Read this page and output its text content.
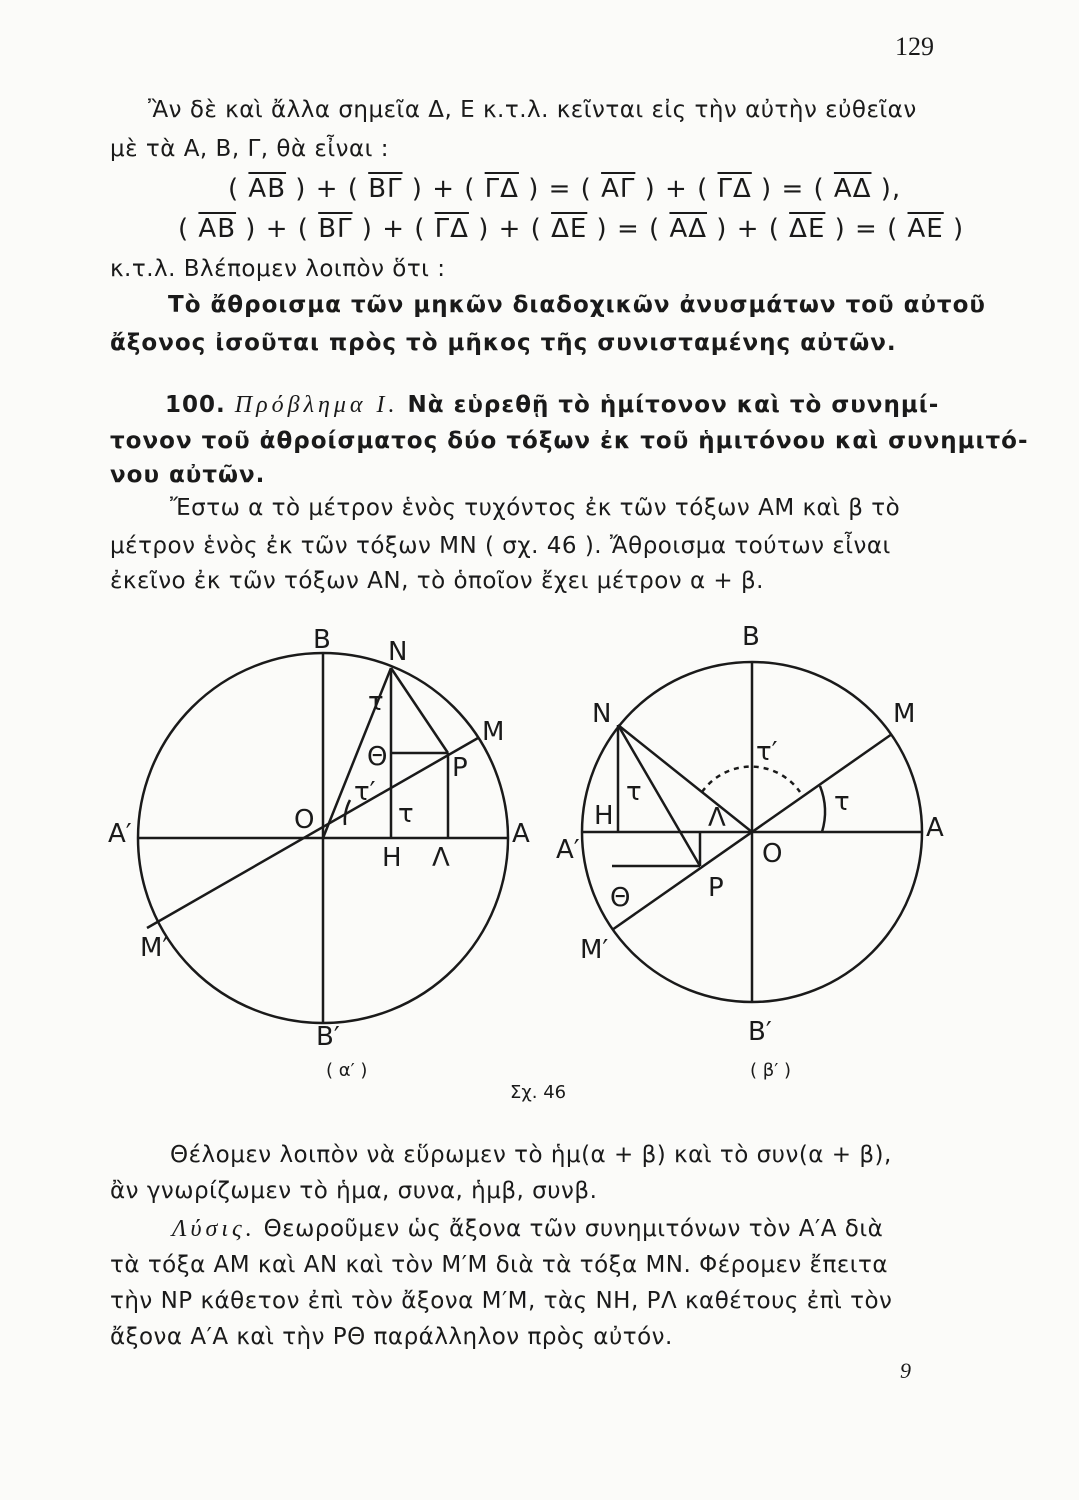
129
Ἂν δὲ καὶ ἄλλα σημεῖα Δ, Ε κ.τ.λ. κεῖνται εἰς τὴν αὐτὴν εὐθεῖαν
μὲ τὰ Α, Β, Γ, θὰ εἶναι :
( $\overline{AB}$ ) + ( $\overline{B\Gamma}$ ) + ( $\overline{\Gamma\Delta}$ ) = ( $\overline{A\Gamma}$ ) + ( $\overline{\Gamma\Delta}$ ) = ( $\overline{A\Delta}$ ),
( $\overline{AB}$ ) + ( $\overline{B\Gamma}$ ) + ( $\overline{\Gamma\Delta}$ ) + ( $\overline{\Delta E}$ ) = ( $\overline{A\Delta}$ ) + ( $\overline{\Delta E}$ ) = ( $\overline{AE}$ )
κ.τ.λ. Βλέπομεν λοιπὸν ὅτι :
Τὸ ἄθροισμα τῶν μηκῶν διαδοχικῶν ἀνυσμάτων τοῦ αὐτοῦ
ἄξονος ἰσοῦται πρὸς τὸ μῆκος τῆς συνισταμένης αὐτῶν.
100. Πρόβλημα Ι. Νὰ εὑρεθῇ τὸ ἡμίτονον καὶ τὸ συνημί-
τονον τοῦ ἀθροίσματος δύο τόξων ἐκ τοῦ ἡμιτόνου καὶ συνημιτό-
νου αὐτῶν.
Ἔστω α τὸ μέτρον ἑνὸς τυχόντος ἐκ τῶν τόξων ΑΜ καὶ β τὸ
μέτρον ἑνὸς ἐκ τῶν τόξων ΜΝ ( σχ. 46 ). Ἄθροισμα τούτων εἶναι
ἐκεῖνο ἐκ τῶν τόξων ΑΝ, τὸ ὁποῖον ἔχει μέτρον α + β.
B N
M
τ
Θ P
τ′
τ
O	A
A′
H Λ
M′
B′
B
N	M
τ′
τ
H	Λ
τ
A′
A
O
P
Θ
M′
B′
( α′ )	( β′ )
Σχ. 46
Θέλομεν λοιπὸν νὰ εὕρωμεν τὸ ἡμ(α + β) καὶ τὸ συν(α + β),
ἂν γνωρίζωμεν τὸ ἡμα, συνα, ἡμβ, συνβ.
Λύσις. Θεωροῦμεν ὡς ἄξονα τῶν συνημιτόνων τὸν Α′Α διὰ
τὰ τόξα ΑΜ καὶ ΑΝ καὶ τὸν Μ′Μ διὰ τὰ τόξα ΜΝ. Φέρομεν ἔπειτα
τὴν ΝΡ κάθετον ἐπὶ τὸν ἄξονα Μ′Μ, τὰς ΝΗ, ΡΛ καθέτους ἐπὶ τὸν
ἄξονα Α′Α καὶ τὴν ΡΘ παράλληλον πρὸς αὐτόν.
9
